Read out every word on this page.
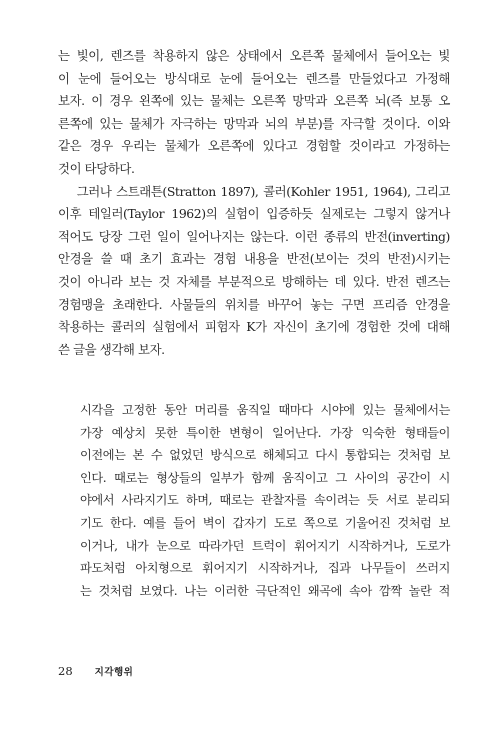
는 빛이, 렌즈를 착용하지 않은 상태에서 오른쪽 물체에서 들어오는 빛
이 눈에 들어오는 방식대로 눈에 들어오는 렌즈를 만들었다고 가정해
보자. 이 경우 왼쪽에 있는 물체는 오른쪽 망막과 오른쪽 뇌(즉 보통 오
른쪽에 있는 물체가 자극하는 망막과 뇌의 부분)를 자극할 것이다. 이와
같은 경우 우리는 물체가 오른쪽에 있다고 경험할 것이라고 가정하는
것이 타당하다.
그러나 스트래튼(Stratton 1897), 콜러(Kohler 1951, 1964), 그리고
이후 테일러(Taylor 1962)의 실험이 입증하듯 실제로는 그렇지 않거나
적어도 당장 그런 일이 일어나지는 않는다. 이런 종류의 반전(inverting)
안경을 쓸 때 초기 효과는 경험 내용을 반전(보이는 것의 반전)시키는
것이 아니라 보는 것 자체를 부분적으로 방해하는 데 있다. 반전 렌즈는
경험맹을 초래한다. 사물들의 위치를 바꾸어 놓는 구면 프리즘 안경을
착용하는 콜러의 실험에서 피험자 K가 자신이 초기에 경험한 것에 대해
쓴 글을 생각해 보자.
시각을 고정한 동안 머리를 움직일 때마다 시야에 있는 물체에서는
가장 예상치 못한 특이한 변형이 일어난다. 가장 익숙한 형태들이
이전에는 본 수 없었던 방식으로 해체되고 다시 통합되는 것처럼 보
인다. 때로는 형상들의 일부가 함께 움직이고 그 사이의 공간이 시
야에서 사라지기도 하며, 때로는 관찰자를 속이려는 듯 서로 분리되
기도 한다. 예를 들어 벽이 갑자기 도로 쪽으로 기울어진 것처럼 보
이거나, 내가 눈으로 따라가던 트럭이 휘어지기 시작하거나, 도로가
파도처럼 아치형으로 휘어지기 시작하거나, 집과 나무들이 쓰러지
는 것처럼 보였다. 나는 이러한 극단적인 왜곡에 속아 깜짝 놀란 적
28 지각행위
